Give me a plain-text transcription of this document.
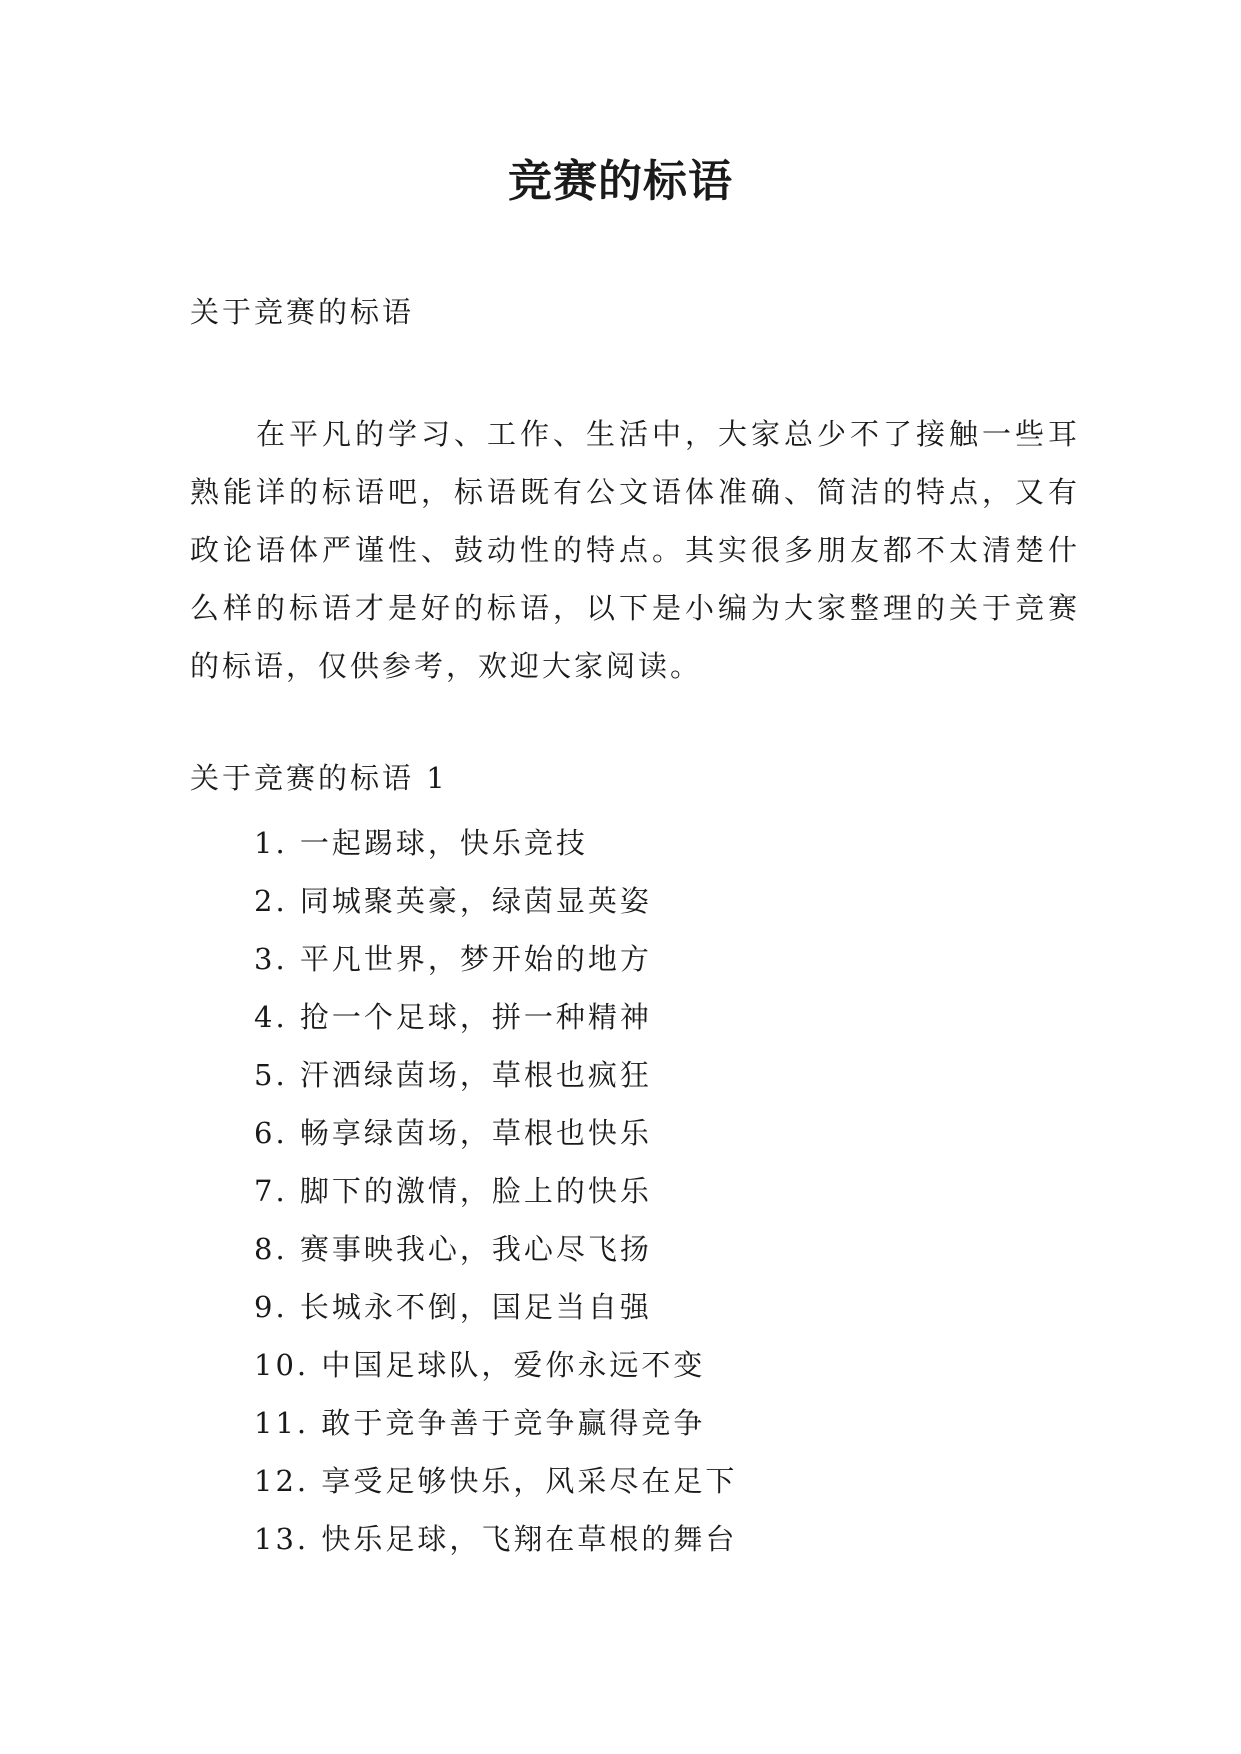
竞赛的标语

关于竞赛的标语

在平凡的学习、工作、生活中，大家总少不了接触一些耳熟能详的标语吧，标语既有公文语体准确、简洁的特点，又有政论语体严谨性、鼓动性的特点。其实很多朋友都不太清楚什么样的标语才是好的标语，以下是小编为大家整理的关于竞赛的标语，仅供参考，欢迎大家阅读。

关于竞赛的标语 1

1. 一起踢球，快乐竞技
2. 同城聚英豪，绿茵显英姿
3. 平凡世界，梦开始的地方
4. 抢一个足球，拼一种精神
5. 汗洒绿茵场，草根也疯狂
6. 畅享绿茵场，草根也快乐
7. 脚下的激情，脸上的快乐
8. 赛事映我心，我心尽飞扬
9. 长城永不倒，国足当自强
10. 中国足球队，爱你永远不变
11. 敢于竞争善于竞争赢得竞争
12. 享受足够快乐，风采尽在足下
13. 快乐足球，飞翔在草根的舞台
